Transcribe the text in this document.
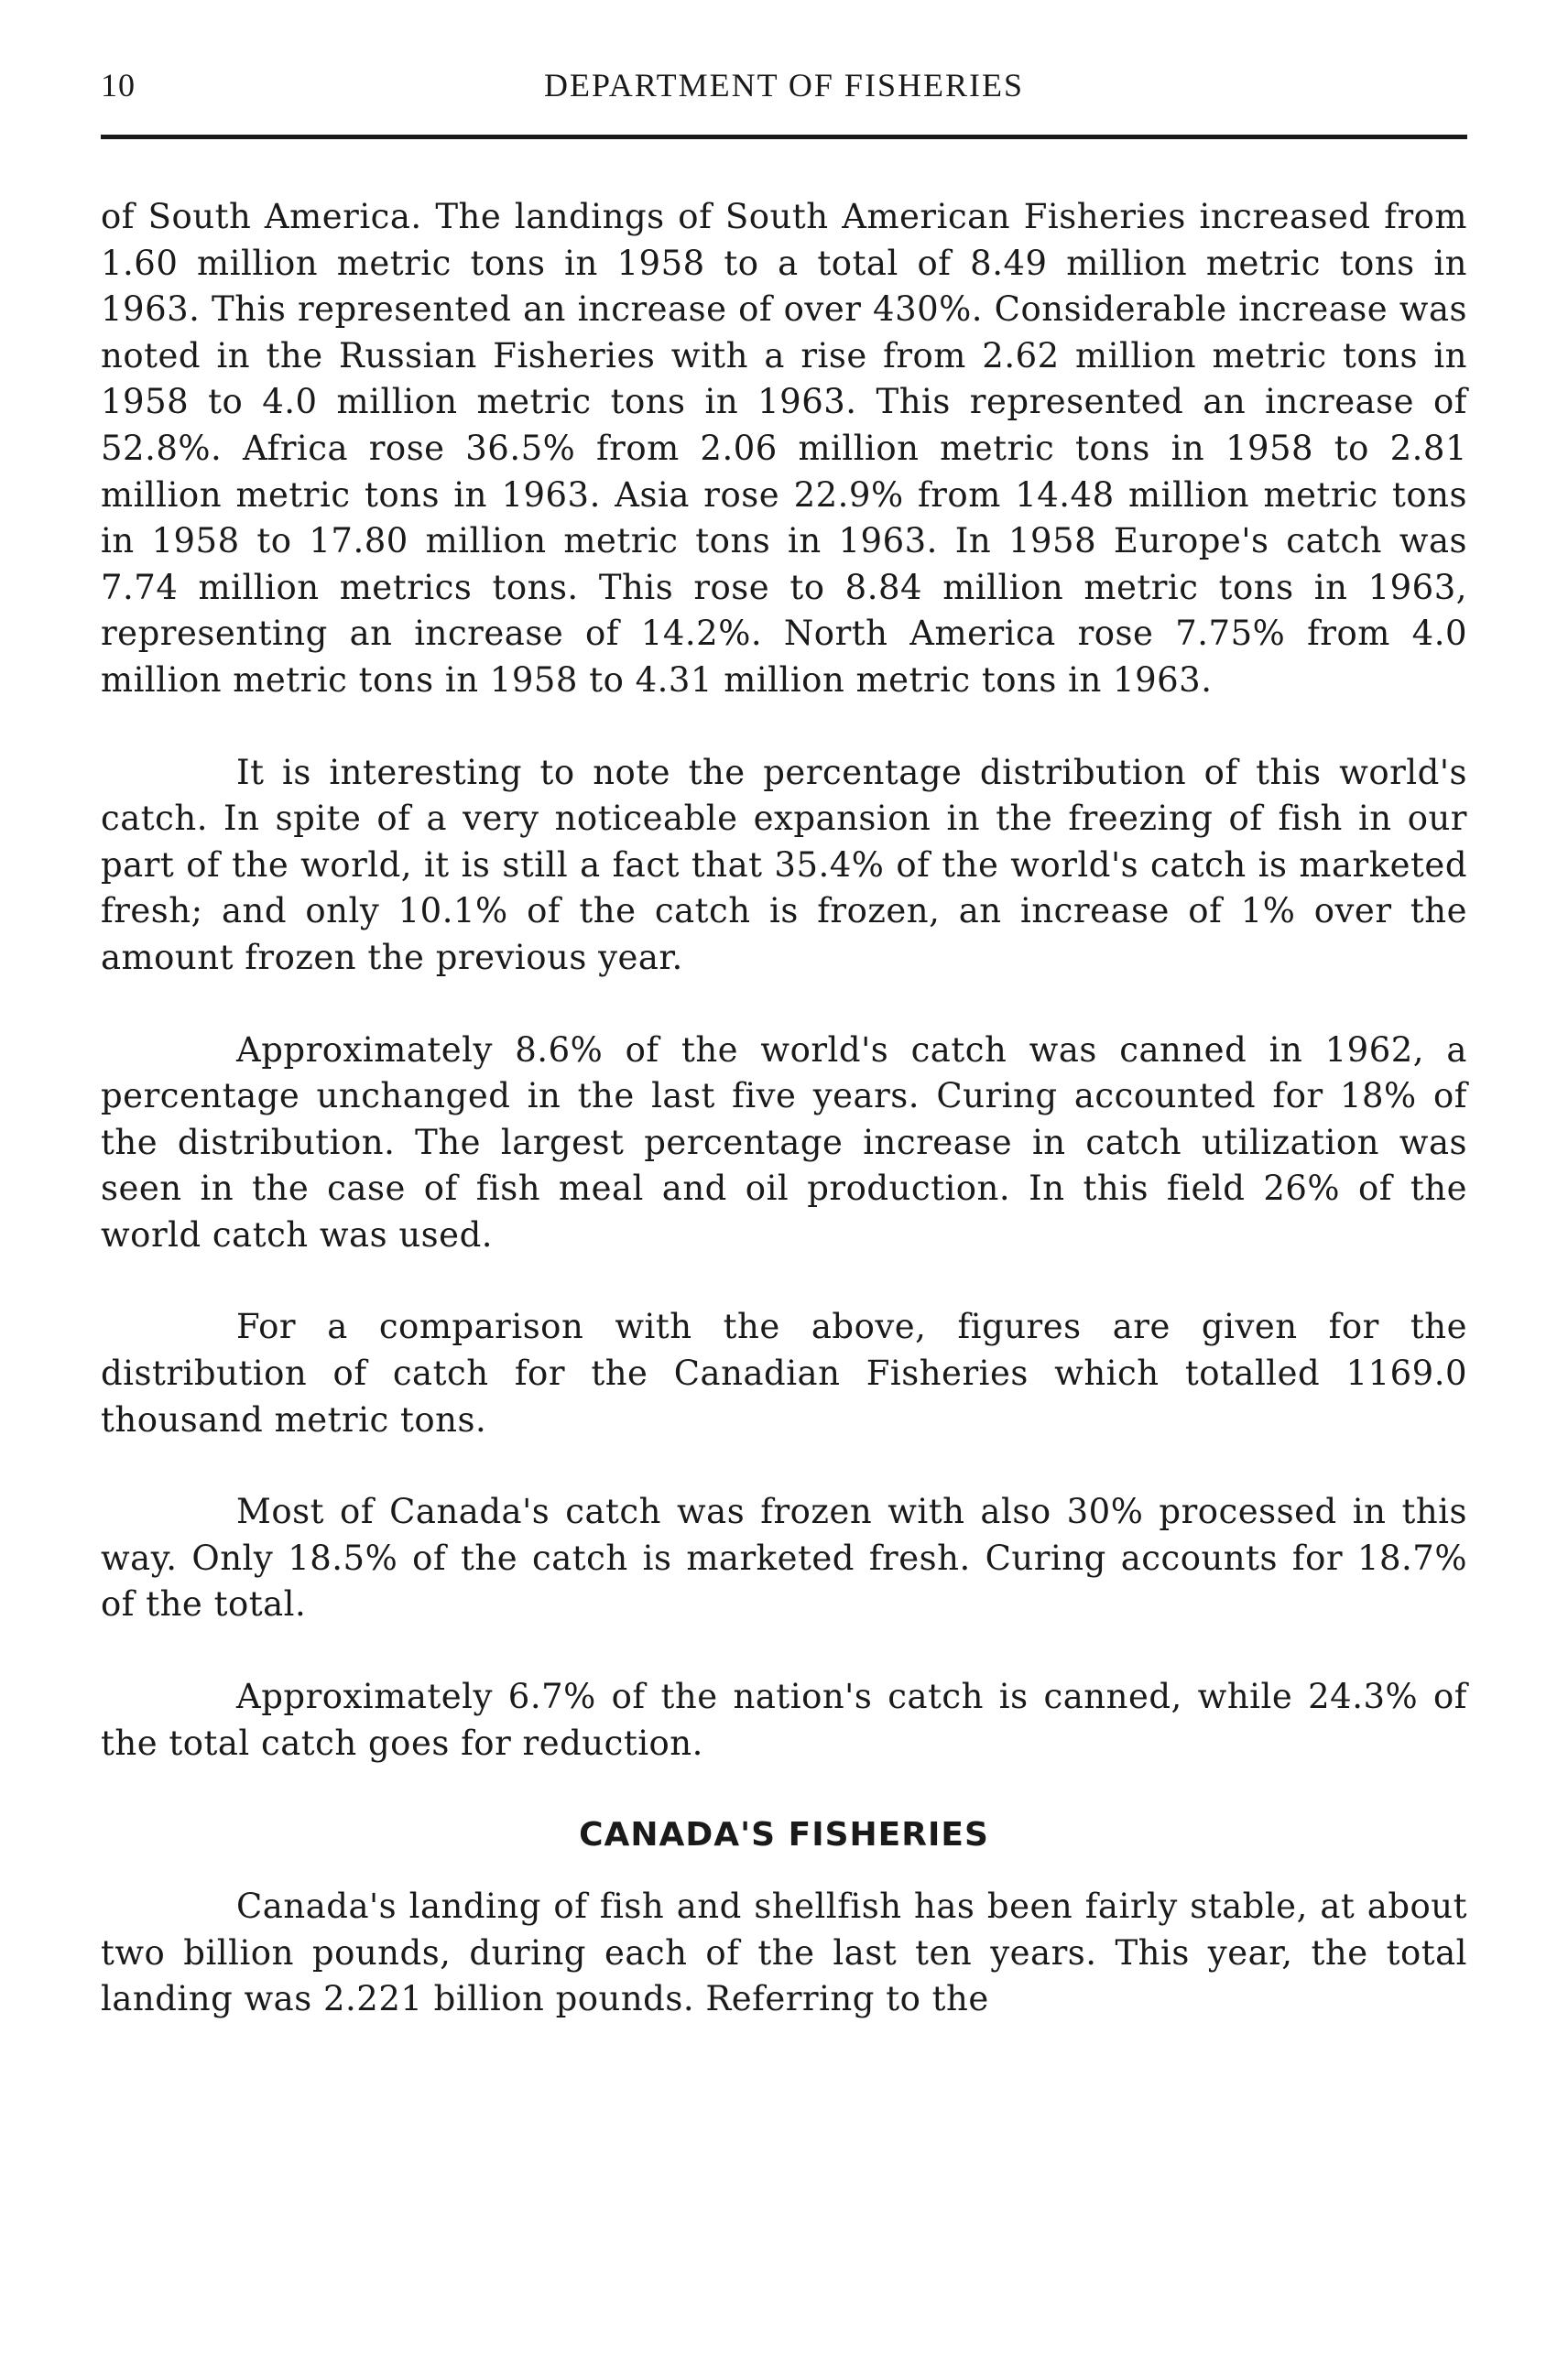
10	DEPARTMENT OF FISHERIES

of South America. The landings of South American Fisheries increased from 1.60 million metric tons in 1958 to a total of 8.49 million metric tons in 1963. This represented an increase of over 430%. Considerable increase was noted in the Russian Fisheries with a rise from 2.62 million metric tons in 1958 to 4.0 million metric tons in 1963. This represented an increase of 52.8%. Africa rose 36.5% from 2.06 million metric tons in 1958 to 2.81 million metric tons in 1963. Asia rose 22.9% from 14.48 million metric tons in 1958 to 17.80 million metric tons in 1963. In 1958 Europe's catch was 7.74 million metrics tons. This rose to 8.84 million metric tons in 1963, representing an increase of 14.2%. North America rose 7.75% from 4.0 million metric tons in 1958 to 4.31 million metric tons in 1963.

It is interesting to note the percentage distribution of this world's catch. In spite of a very noticeable expansion in the freezing of fish in our part of the world, it is still a fact that 35.4% of the world's catch is marketed fresh; and only 10.1% of the catch is frozen, an increase of 1% over the amount frozen the previous year.

Approximately 8.6% of the world's catch was canned in 1962, a percentage unchanged in the last five years. Curing accounted for 18% of the distribution. The largest percentage increase in catch utilization was seen in the case of fish meal and oil production. In this field 26% of the world catch was used.

For a comparison with the above, figures are given for the distribution of catch for the Canadian Fisheries which totalled 1169.0 thousand metric tons.

Most of Canada's catch was frozen with also 30% processed in this way. Only 18.5% of the catch is marketed fresh. Curing accounts for 18.7% of the total.

Approximately 6.7% of the nation's catch is canned, while 24.3% of the total catch goes for reduction.

CANADA'S FISHERIES

Canada's landing of fish and shellfish has been fairly stable, at about two billion pounds, during each of the last ten years. This year, the total landing was 2.221 billion pounds. Referring to the
